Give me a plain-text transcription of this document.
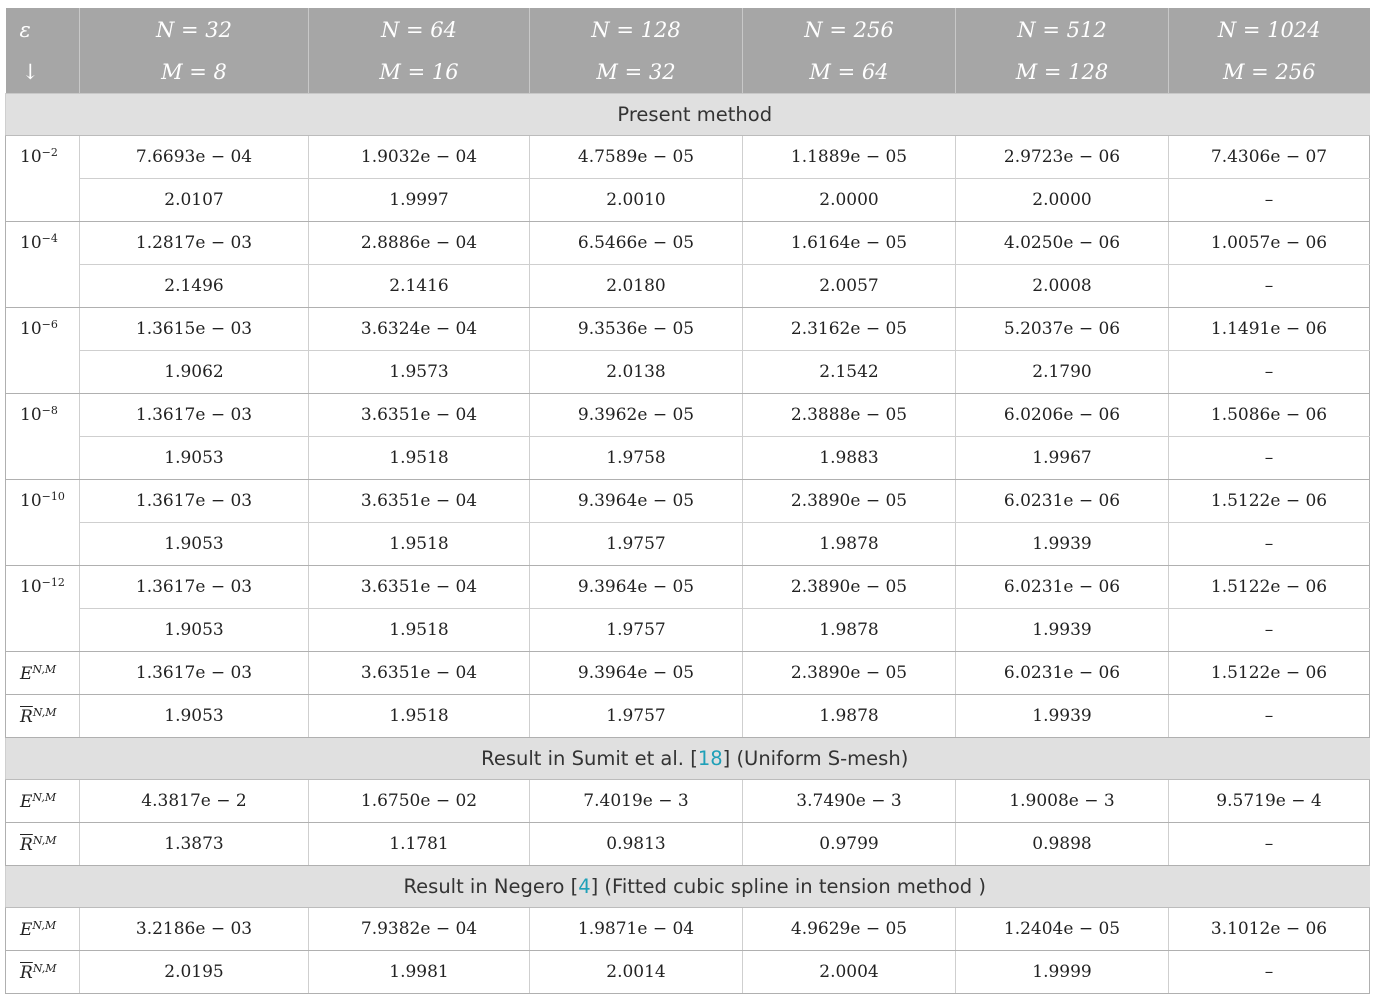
ε	N = 32	N = 64	N = 128	N = 256	N = 512	N = 1024
↓	M = 8	M = 16	M = 32	M = 64	M = 128	M = 256
Present method						
$10^{-2}$	7.6693e − 04	1.9032e − 04	4.7589e − 05	1.1889e − 05	2.9723e − 06	7.4306e − 07
	2.0107	1.9997	2.0010	2.0000	2.0000	–
$10^{-4}$	1.2817e − 03	2.8886e − 04	6.5466e − 05	1.6164e − 05	4.0250e − 06	1.0057e − 06
	2.1496	2.1416	2.0180	2.0057	2.0008	–
$10^{-6}$	1.3615e − 03	3.6324e − 04	9.3536e − 05	2.3162e − 05	5.2037e − 06	1.1491e − 06
	1.9062	1.9573	2.0138	2.1542	2.1790	–
$10^{-8}$	1.3617e − 03	3.6351e − 04	9.3962e − 05	2.3888e − 05	6.0206e − 06	1.5086e − 06
	1.9053	1.9518	1.9758	1.9883	1.9967	–
$10^{-10}$	1.3617e − 03	3.6351e − 04	9.3964e − 05	2.3890e − 05	6.0231e − 06	1.5122e − 06
	1.9053	1.9518	1.9757	1.9878	1.9939	–
$10^{-12}$	1.3617e − 03	3.6351e − 04	9.3964e − 05	2.3890e − 05	6.0231e − 06	1.5122e − 06
	1.9053	1.9518	1.9757	1.9878	1.9939	–
$E^{N,M}$	1.3617e − 03	3.6351e − 04	9.3964e − 05	2.3890e − 05	6.0231e − 06	1.5122e − 06
$\overline{R}^{N,M}$	1.9053	1.9518	1.9757	1.9878	1.9939	–
Result in Sumit et al. [18] (Uniform S-mesh)						
$E^{N,M}$	4.3817e − 2	1.6750e − 02	7.4019e − 3	3.7490e − 3	1.9008e − 3	9.5719e − 4
$\overline{R}^{N,M}$	1.3873	1.1781	0.9813	0.9799	0.9898	–
Result in Negero [4] (Fitted cubic spline in tension method )						
$E^{N,M}$	3.2186e − 03	7.9382e − 04	1.9871e − 04	4.9629e − 05	1.2404e − 05	3.1012e − 06
$\overline{R}^{N,M}$	2.0195	1.9981	2.0014	2.0004	1.9999	–
